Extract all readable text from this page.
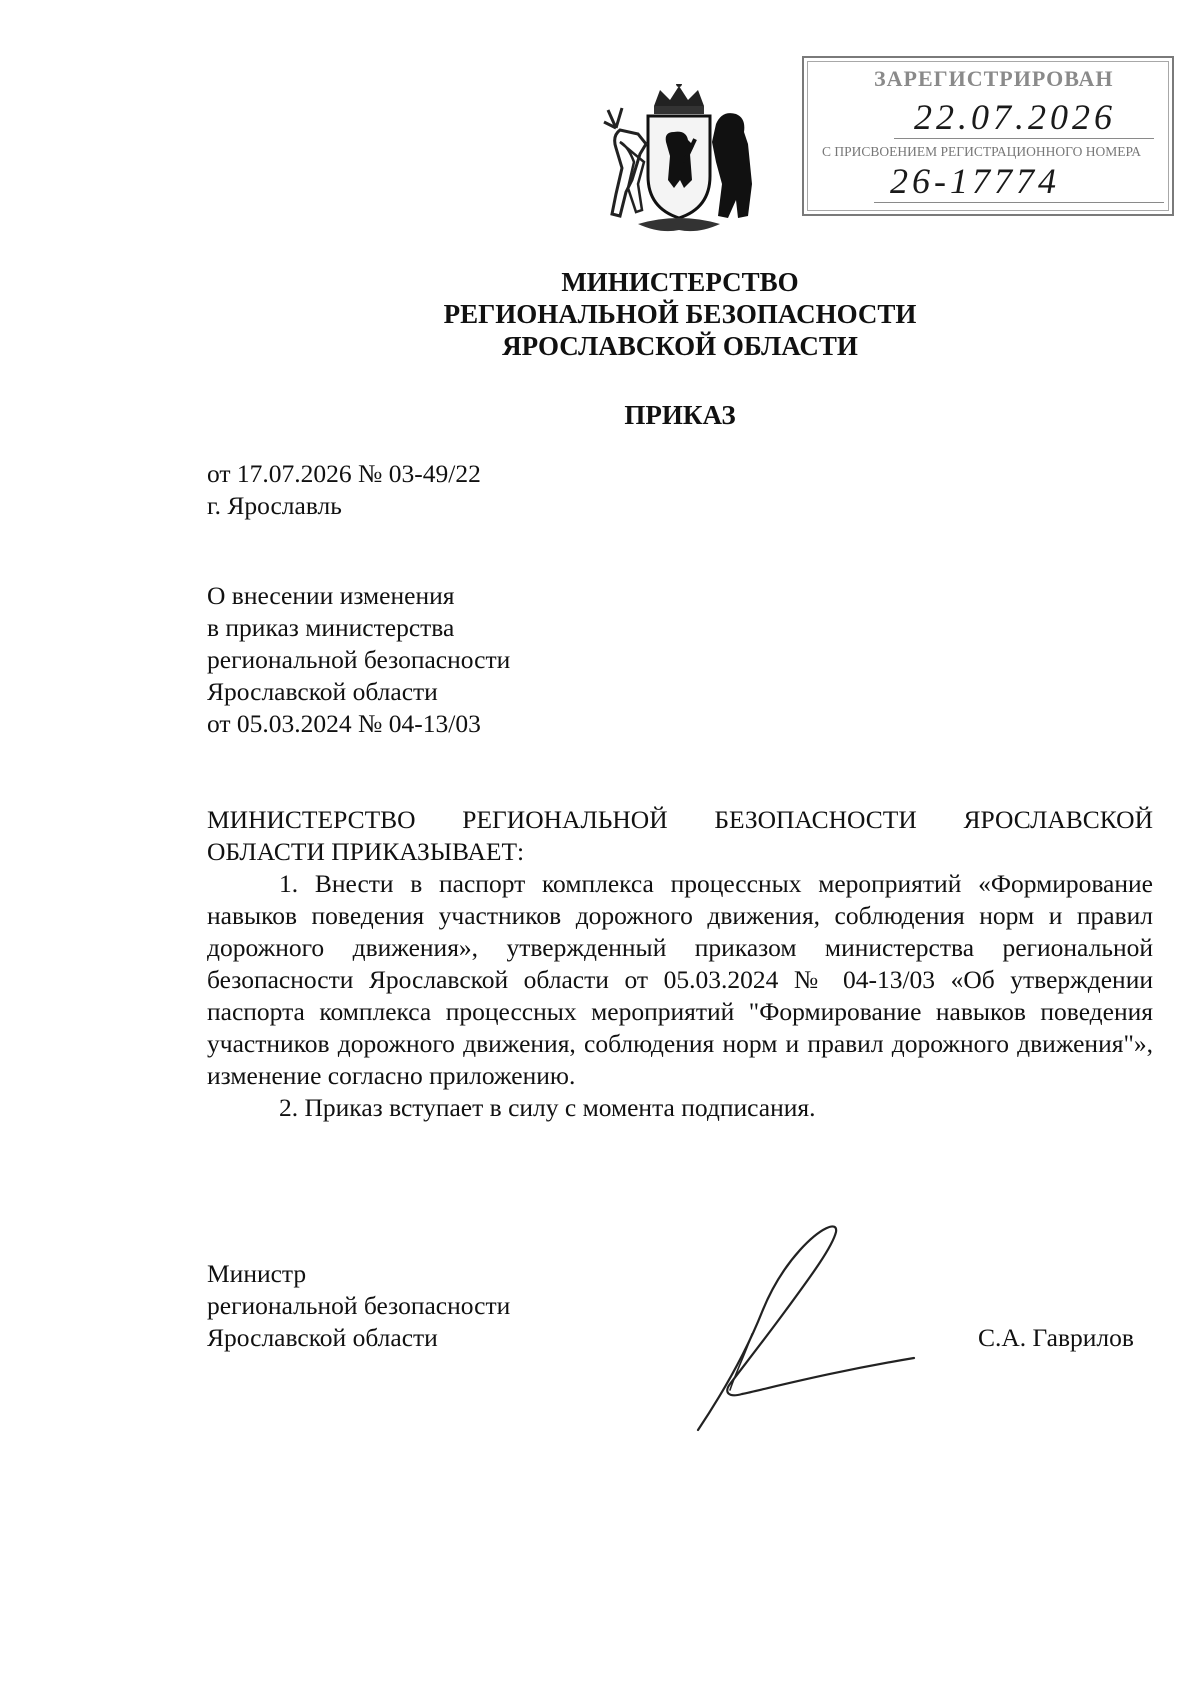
ЗАРЕГИСТРИРОВАН
22.07.2026
С ПРИСВОЕНИЕМ РЕГИСТРАЦИОННОГО НОМЕРА
26-17774
МИНИСТЕРСТВО
РЕГИОНАЛЬНОЙ БЕЗОПАСНОСТИ
ЯРОСЛАВСКОЙ ОБЛАСТИ
ПРИКАЗ
от 17.07.2026 № 03-49/22
г. Ярославль
О внесении изменения
в приказ министерства
региональной безопасности
Ярославской области
от 05.03.2024 № 04-13/03

МИНИСТЕРСТВО РЕГИОНАЛЬНОЙ БЕЗОПАСНОСТИ ЯРОСЛАВСКОЙ ОБЛАСТИ ПРИКАЗЫВАЕТ:

1. Внести в паспорт комплекса процессных мероприятий «Формирование навыков поведения участников дорожного движения, соблюдения норм и правил дорожного движения», утвержденный приказом министерства региональной безопасности Ярославской области от 05.03.2024 № 04-13/03 «Об утверждении паспорта комплекса процессных мероприятий "Формирование навыков поведения участников дорожного движения, соблюдения норм и правил дорожного движения"», изменение согласно приложению.

2. Приказ вступает в силу с момента подписания.

Министр
региональной безопасности
Ярославской области	С.А. Гаврилов
